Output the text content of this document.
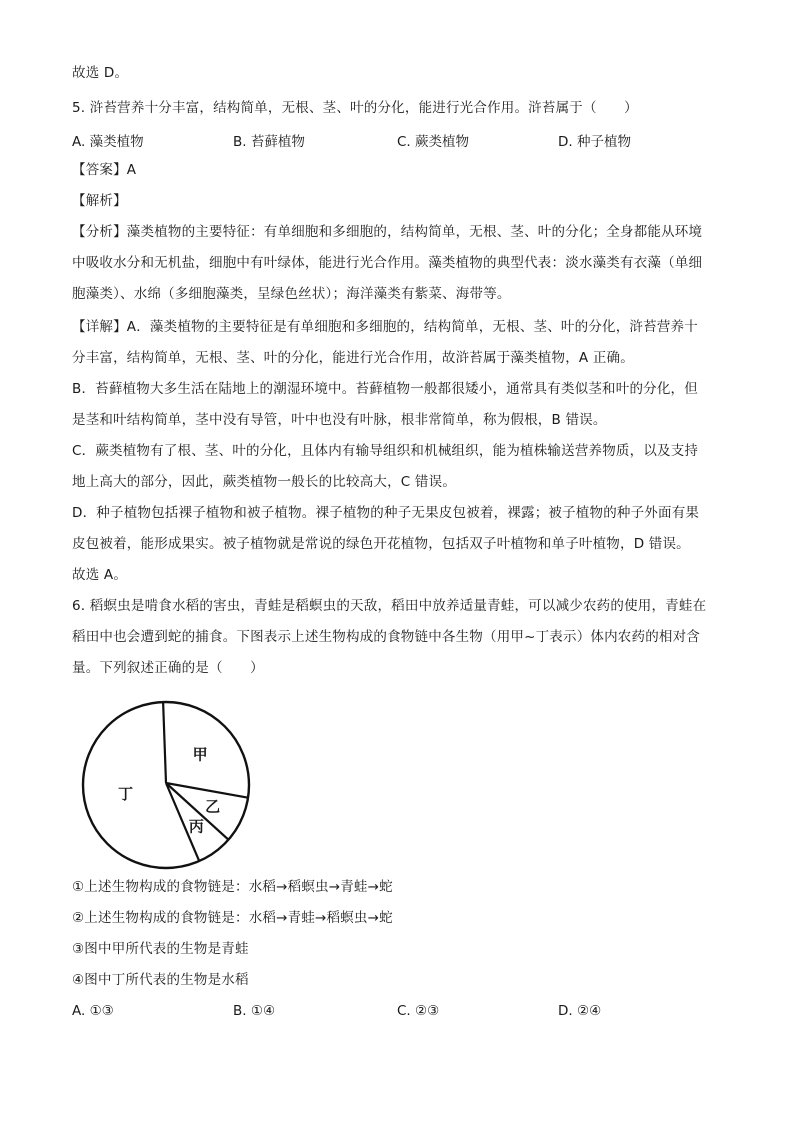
故选 D。
5. 浒苔营养十分丰富，结构简单，无根、茎、叶的分化，能进行光合作用。浒苔属于（　　）
A. 藻类植物	B. 苔藓植物	C. 蕨类植物	D. 种子植物
【答案】A
【解析】
【分析】藻类植物的主要特征：有单细胞和多细胞的，结构简单，无根、茎、叶的分化；全身都能从环境
中吸收水分和无机盐，细胞中有叶绿体，能进行光合作用。藻类植物的典型代表：淡水藻类有衣藻（单细
胞藻类）、水绵（多细胞藻类，呈绿色丝状）；海洋藻类有紫菜、海带等。
【详解】A．藻类植物的主要特征是有单细胞和多细胞的，结构简单，无根、茎、叶的分化，浒苔营养十
分丰富，结构简单，无根、茎、叶的分化，能进行光合作用，故浒苔属于藻类植物，A 正确。
B．苔藓植物大多生活在陆地上的潮湿环境中。苔藓植物一般都很矮小，通常具有类似茎和叶的分化，但
是茎和叶结构简单，茎中没有导管，叶中也没有叶脉，根非常简单，称为假根，B 错误。
C．蕨类植物有了根、茎、叶的分化，且体内有输导组织和机械组织，能为植株输送营养物质，以及支持
地上高大的部分，因此，蕨类植物一般长的比较高大，C 错误。
D．种子植物包括裸子植物和被子植物。裸子植物的种子无果皮包被着，裸露；被子植物的种子外面有果
皮包被着，能形成果实。被子植物就是常说的绿色开花植物，包括双子叶植物和单子叶植物，D 错误。
故选 A。
6. 稻螟虫是啃食水稻的害虫，青蛙是稻螟虫的天敌，稻田中放养适量青蛙，可以减少农药的使用，青蛙在
稻田中也会遭到蛇的捕食。下图表示上述生物构成的食物链中各生物（用甲~丁表示）体内农药的相对含
量。下列叙述正确的是（　　）
甲
乙
丙
丁
①上述生物构成的食物链是：水稻→稻螟虫→青蛙→蛇
②上述生物构成的食物链是：水稻→青蛙→稻螟虫→蛇
③图中甲所代表的生物是青蛙
④图中丁所代表的生物是水稻
A. ①③	B. ①④	C. ②③	D. ②④
